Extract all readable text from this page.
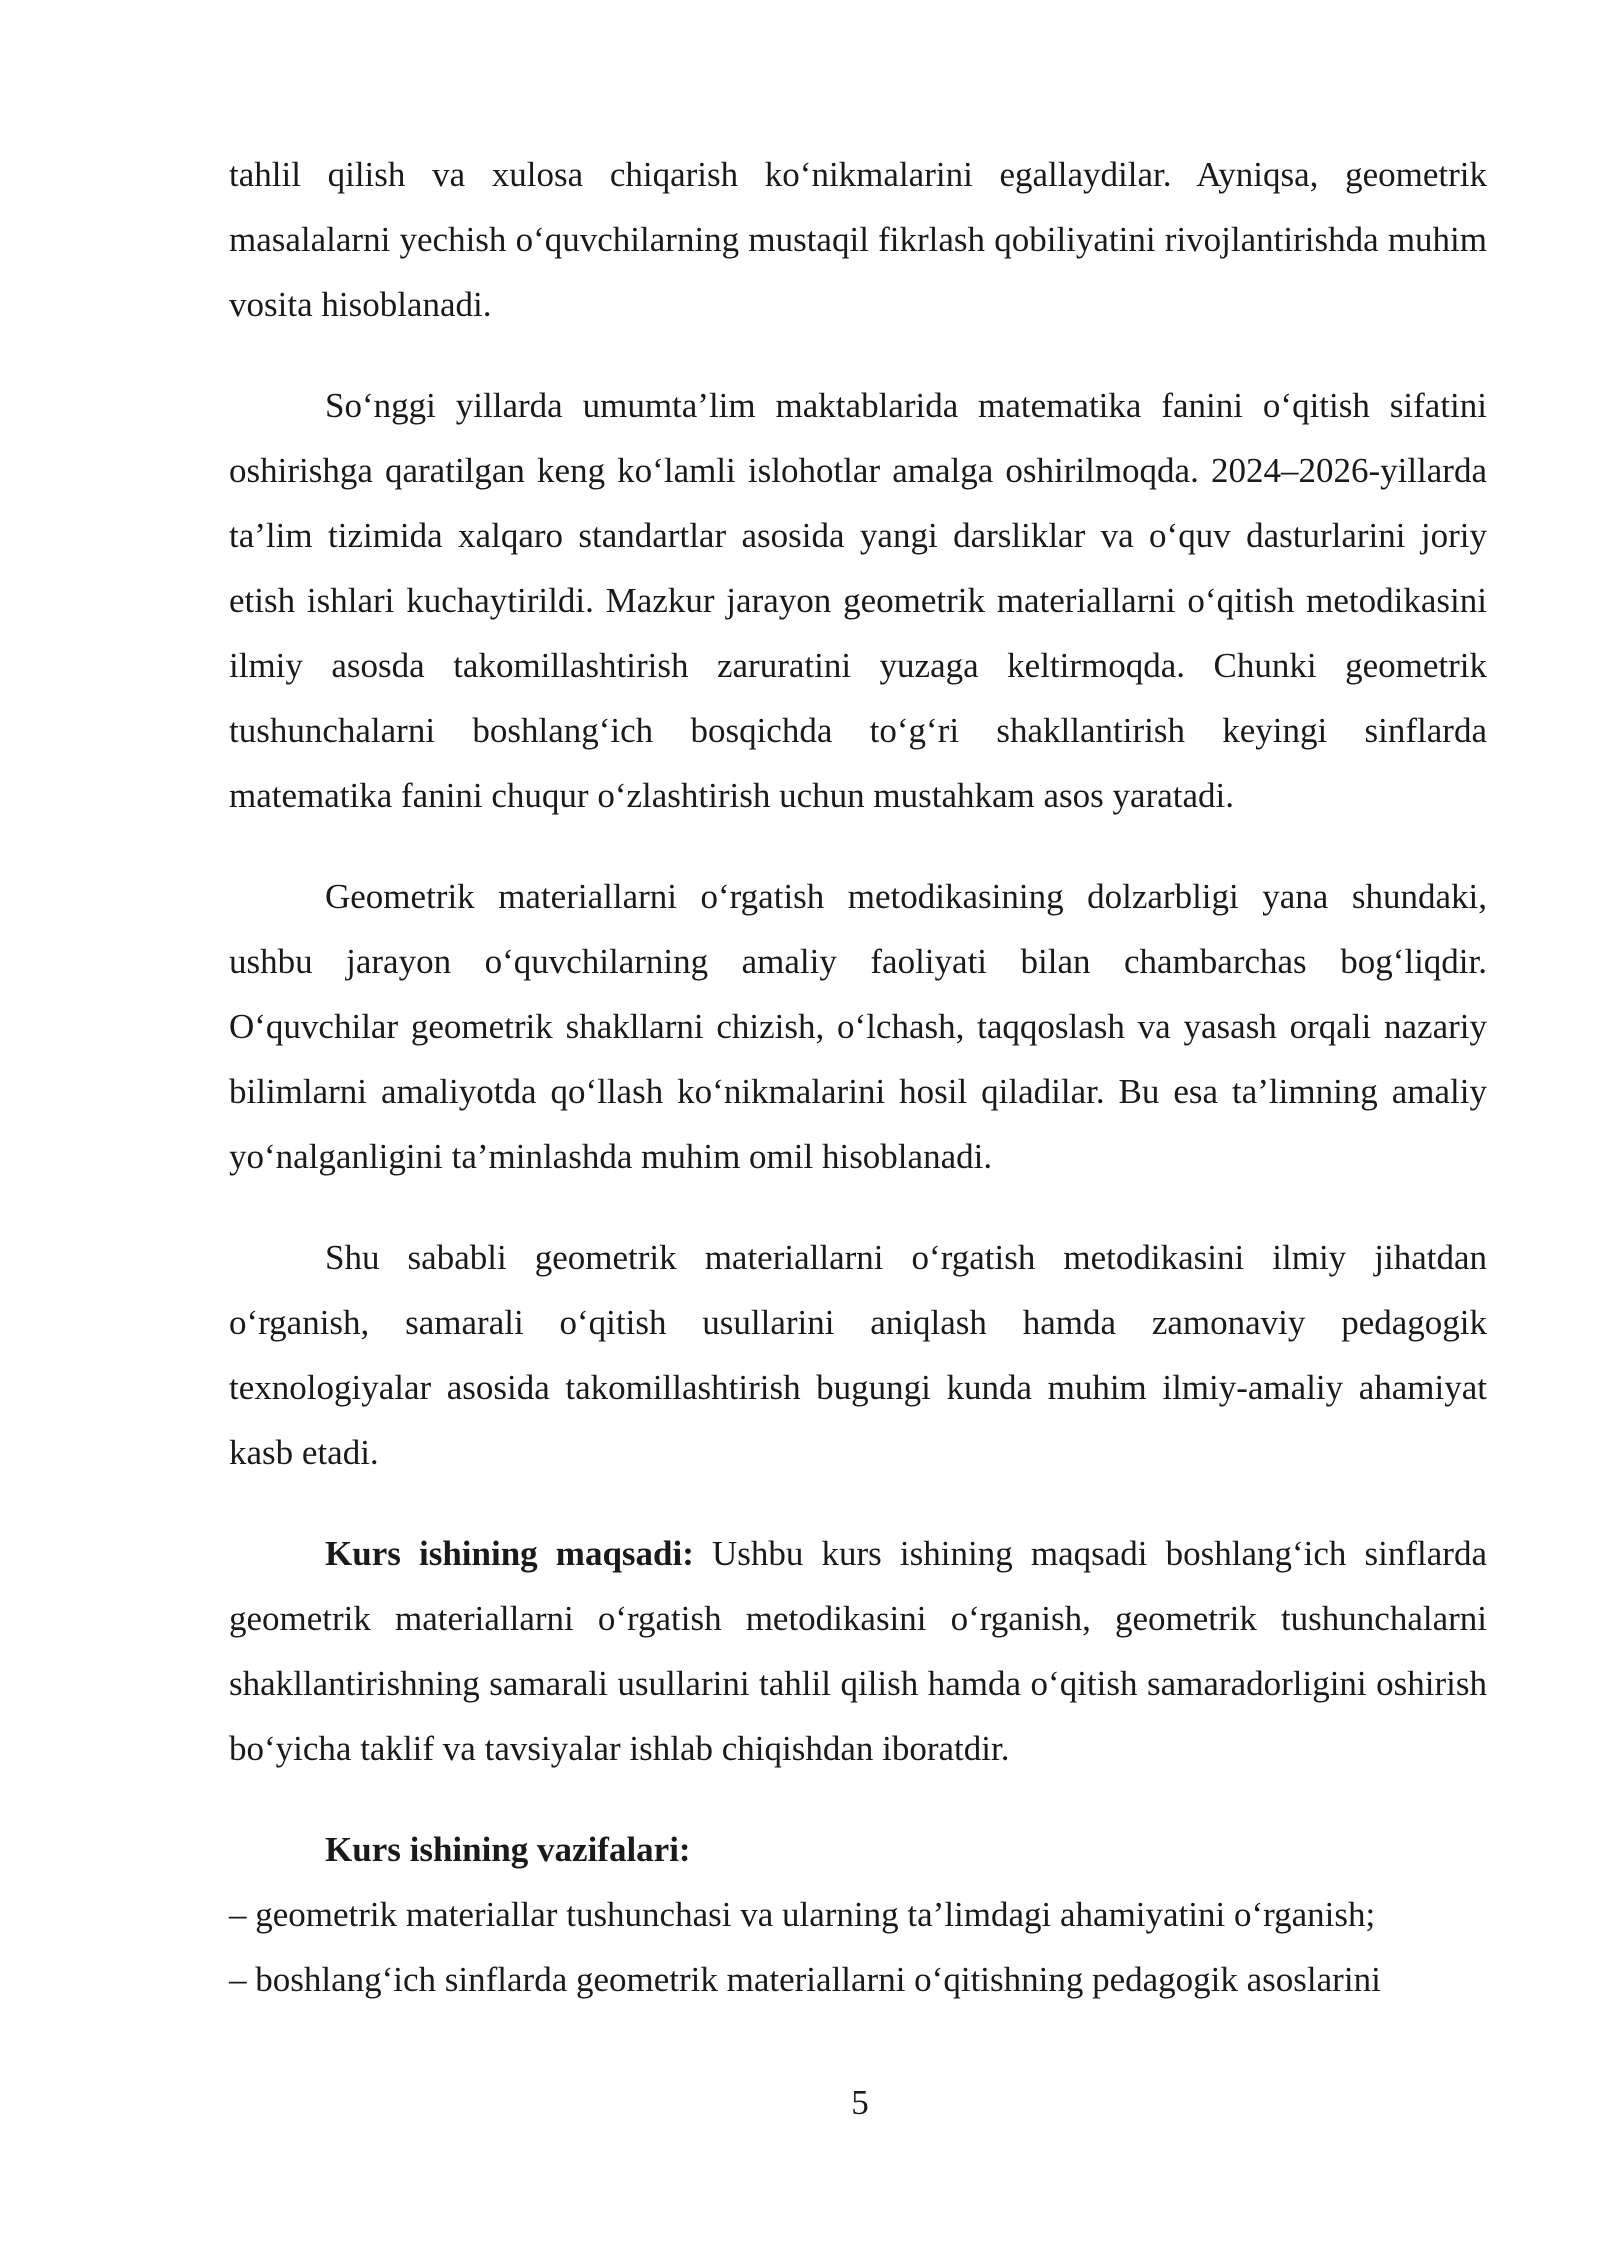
tahlil qilish va xulosa chiqarish ko‘nikmalarini egallaydilar. Ayniqsa, geometrik masalalarni yechish o‘quvchilarning mustaqil fikrlash qobiliyatini rivojlantirishda muhim vosita hisoblanadi.

So‘nggi yillarda umumta’lim maktablarida matematika fanini o‘qitish sifatini oshirishga qaratilgan keng ko‘lamli islohotlar amalga oshirilmoqda. 2024–2026-yillarda ta’lim tizimida xalqaro standartlar asosida yangi darsliklar va o‘quv dasturlarini joriy etish ishlari kuchaytirildi. Mazkur jarayon geometrik materiallarni o‘qitish metodikasini ilmiy asosda takomillashtirish zaruratini yuzaga keltirmoqda. Chunki geometrik tushunchalarni boshlang‘ich bosqichda to‘g‘ri shakllantirish keyingi sinflarda matematika fanini chuqur o‘zlashtirish uchun mustahkam asos yaratadi.

Geometrik materiallarni o‘rgatish metodikasining dolzarbligi yana shundaki, ushbu jarayon o‘quvchilarning amaliy faoliyati bilan chambarchas bog‘liqdir. O‘quvchilar geometrik shakllarni chizish, o‘lchash, taqqoslash va yasash orqali nazariy bilimlarni amaliyotda qo‘llash ko‘nikmalarini hosil qiladilar. Bu esa ta’limning amaliy yo‘nalganligini ta’minlashda muhim omil hisoblanadi.

Shu sababli geometrik materiallarni o‘rgatish metodikasini ilmiy jihatdan o‘rganish, samarali o‘qitish usullarini aniqlash hamda zamonaviy pedagogik texnologiyalar asosida takomillashtirish bugungi kunda muhim ilmiy-amaliy ahamiyat kasb etadi.

Kurs ishining maqsadi: Ushbu kurs ishining maqsadi boshlang‘ich sinflarda geometrik materiallarni o‘rgatish metodikasini o‘rganish, geometrik tushunchalarni shakllantirishning samarali usullarini tahlil qilish hamda o‘qitish samaradorligini oshirish bo‘yicha taklif va tavsiyalar ishlab chiqishdan iboratdir.

Kurs ishining vazifalari:

– geometrik materiallar tushunchasi va ularning ta’limdagi ahamiyatini o‘rganish;
– boshlang‘ich sinflarda geometrik materiallarni o‘qitishning pedagogik asoslarini
5
